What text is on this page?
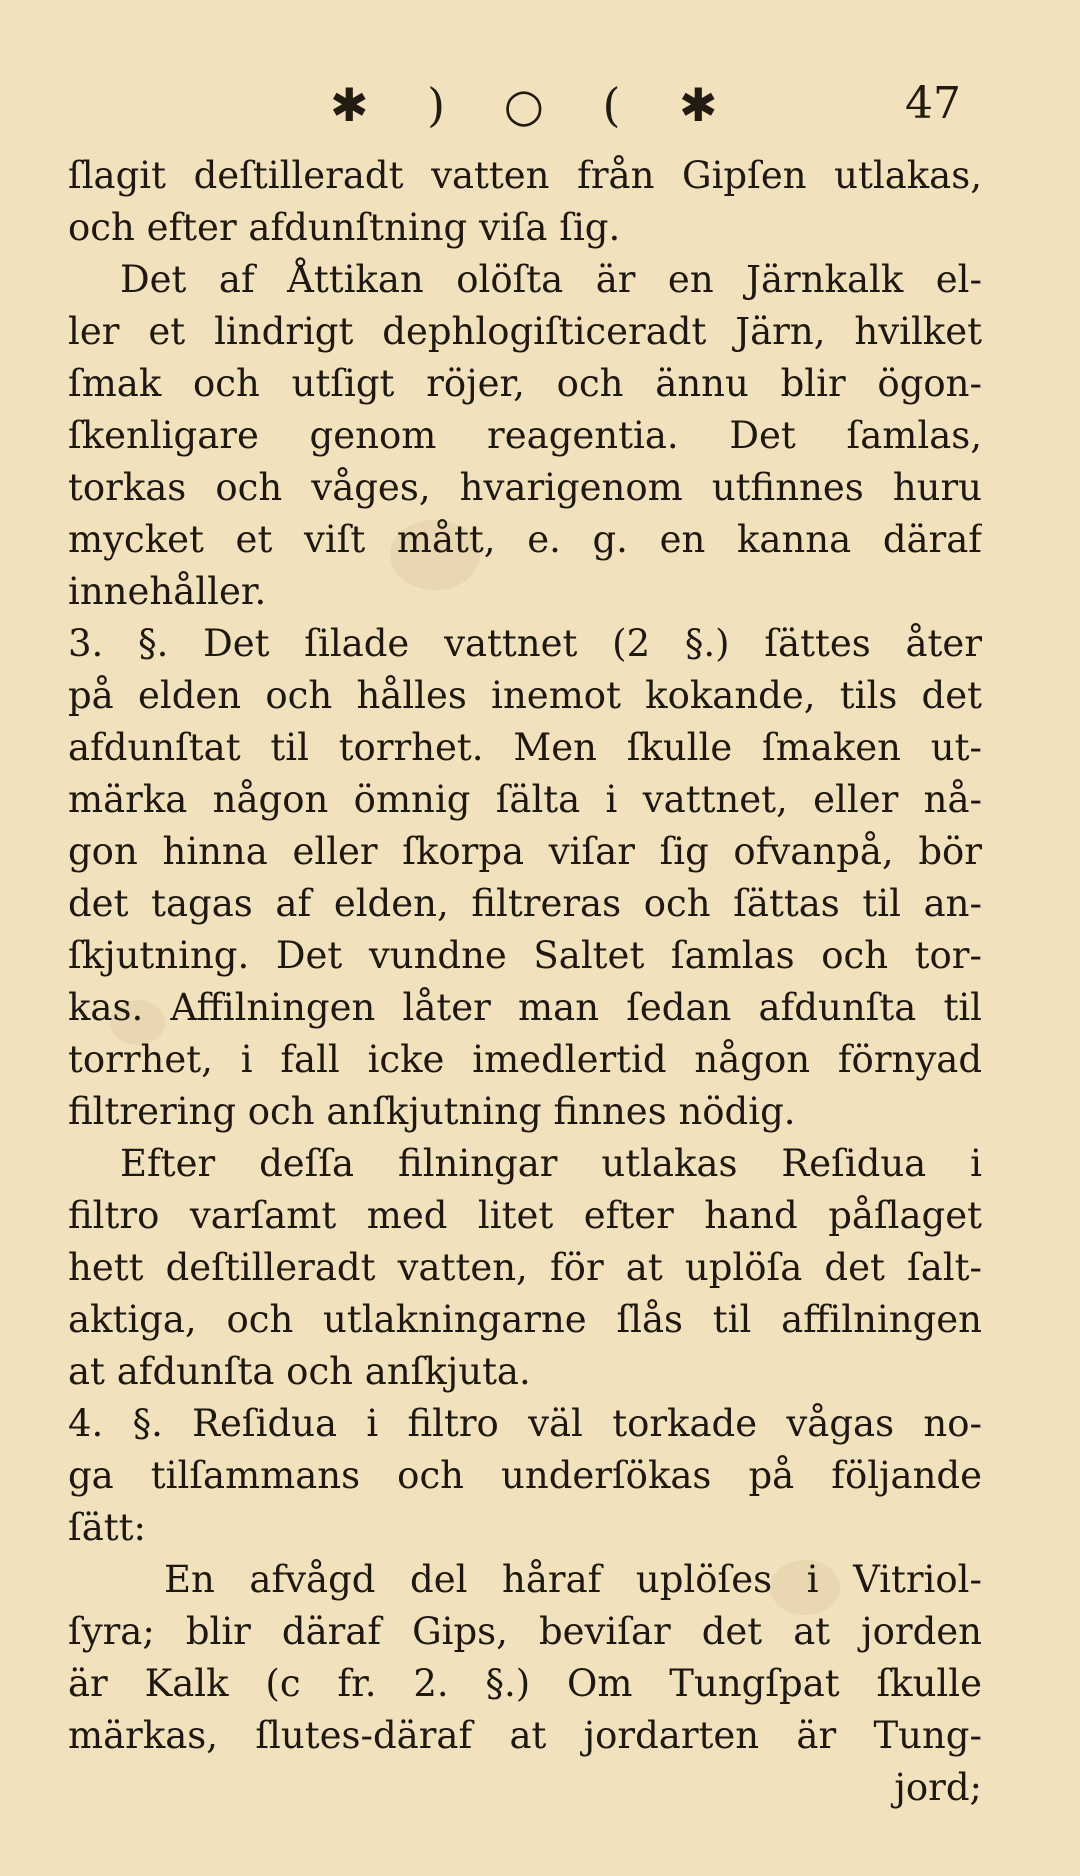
✱ ) ○ ( ✱	47
ſlagit deſtilleradt vatten från Gipſen utlakas,
och efter afdunſtning viſa ſig.
Det af Åttikan olöſta är en Järnkalk el-
ler et lindrigt dephlogiſticeradt Järn, hvilket
ſmak och utſigt röjer, och ännu blir ögon-
ſkenligare genom reagentia. Det ſamlas,
torkas och våges, hvarigenom utfinnes huru
mycket et viſt mått, e. g. en kanna däraf
innehåller.
3. §. Det ſilade vattnet (2 §.) ſättes åter
på elden och hålles inemot kokande, tils det
afdunſtat til torrhet. Men ſkulle ſmaken ut-
märka någon ömnig ſälta i vattnet, eller nå-
gon hinna eller ſkorpa viſar ſig ofvanpå, bör
det tagas af elden, filtreras och ſättas til an-
ſkjutning. Det vundne Saltet ſamlas och tor-
kas. Affilningen låter man ſedan afdunſta til
torrhet, i fall icke imedlertid någon förnyad
filtrering och anſkjutning finnes nödig.
Efter deſſa filningar utlakas Reſidua i
filtro varſamt med litet efter hand påſlaget
hett deſtilleradt vatten, för at uplöſa det ſalt-
aktiga, och utlakningarne ſlås til affilningen
at afdunſta och anſkjuta.
4. §. Reſidua i filtro väl torkade vågas no-
ga tilſammans och underſökas på följande
ſätt:
En afvågd del håraf uplöſes i Vitriol-
ſyra; blir däraf Gips, beviſar det at jorden
är Kalk (c fr. 2. §.) Om Tungſpat ſkulle
märkas, ſlutes-däraf at jordarten är Tung-
jord;
